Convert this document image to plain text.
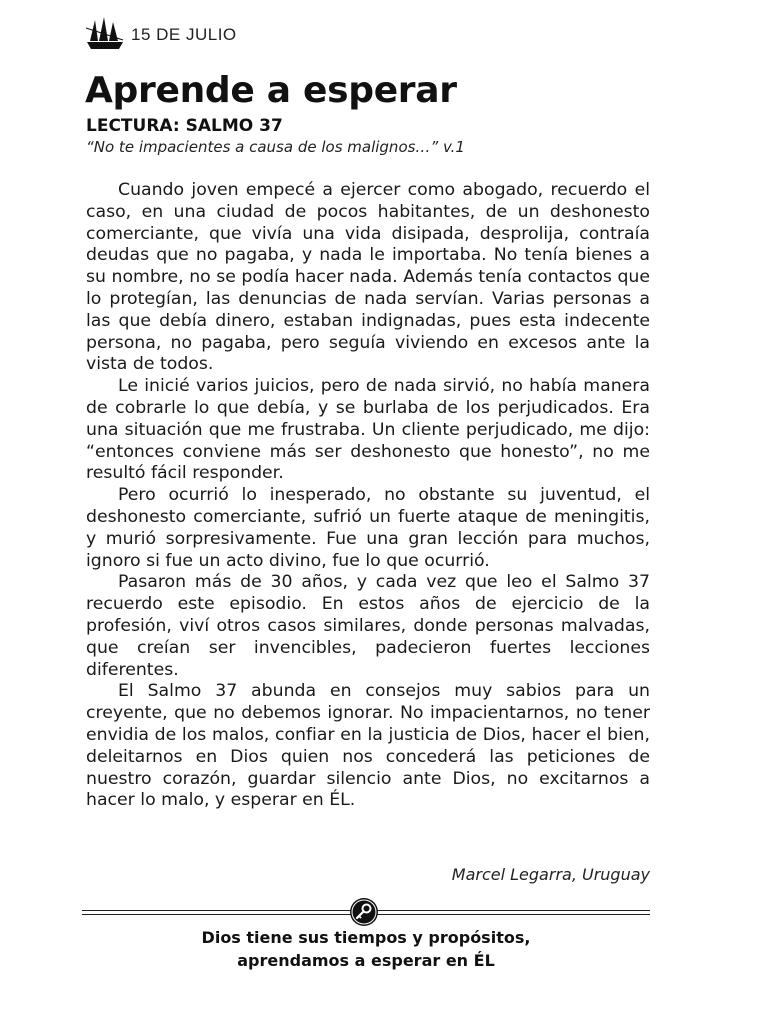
15 DE JULIO
Aprende a esperar
LECTURA: SALMO 37
“No te impacientes a causa de los malignos…” v.1

Cuando joven empecé a ejercer como abogado, recuerdo el caso, en una ciudad de pocos habitantes, de un deshonesto comerciante, que vivía una vida disipada, desprolija, contraía deudas que no pagaba, y nada le importaba. No tenía bienes a su nombre, no se podía hacer nada. Además tenía contactos que lo protegían, las denuncias de nada servían. Varias personas a las que debía dinero, estaban indignadas, pues esta indecente persona, no pagaba, pero seguía viviendo en excesos ante la vista de todos.

Le inicié varios juicios, pero de nada sirvió, no había manera de cobrarle lo que debía, y se burlaba de los perjudicados. Era una situación que me frustraba. Un cliente perjudicado, me dijo: “entonces conviene más ser deshonesto que honesto”, no me resultó fácil responder.

Pero ocurrió lo inesperado, no obstante su juventud, el deshonesto comerciante, sufrió un fuerte ataque de meningitis, y murió sorpresivamente. Fue una gran lección para muchos, ignoro si fue un acto divino, fue lo que ocurrió.

Pasaron más de 30 años, y cada vez que leo el Salmo 37 recuerdo este episodio. En estos años de ejercicio de la profesión, viví otros casos similares, donde personas malvadas, que creían ser invencibles, padecieron fuertes lecciones diferentes.

El Salmo 37 abunda en consejos muy sabios para un creyente, que no debemos ignorar. No impacientarnos, no tener envidia de los malos, confiar en la justicia de Dios, hacer el bien, deleitarnos en Dios quien nos concederá las peticiones de nuestro corazón, guardar silencio ante Dios, no excitarnos a hacer lo malo, y esperar en ÉL.

Marcel Legarra, Uruguay
Dios tiene sus tiempos y propósitos,
aprendamos a esperar en ÉL
